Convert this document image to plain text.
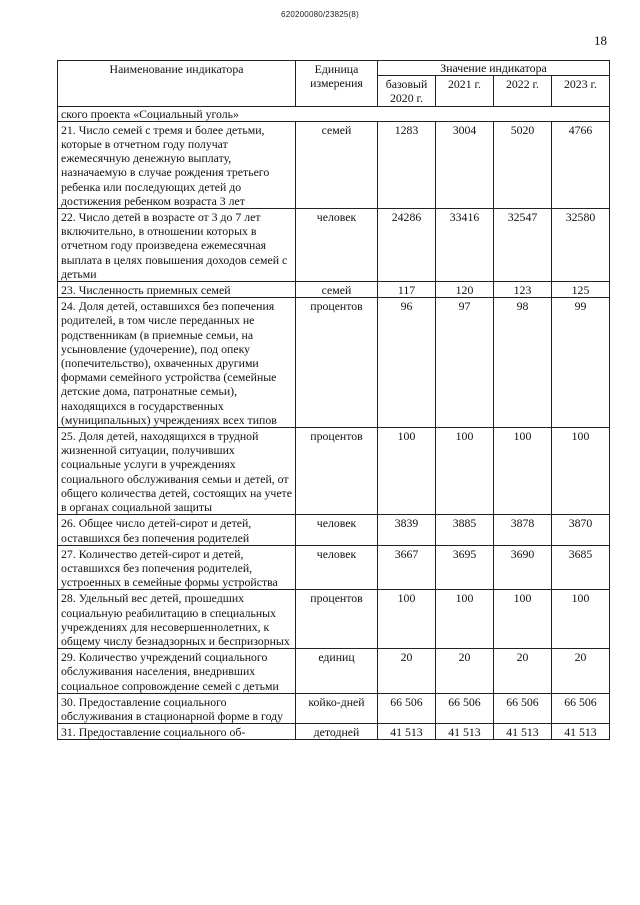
620200080/23825(8)
18
Наименование индикатора	Единица измерения	Значение индикатора			
		базовый 2020 г.	2021 г.	2022 г.	2023 г.
ского проекта «Социальный уголь»					
21. Число семей с тремя и более детьми, которые в отчетном году получат ежемесячную денежную выплату, назначаемую в случае рождения третьего ребенка или последующих детей до достижения ребенком возраста 3 лет	семей	1283	3004	5020	4766
22. Число детей в возрасте от 3 до 7 лет включительно, в отношении которых в отчетном году произведена ежемесячная выплата в целях повышения доходов семей с детьми	человек	24286	33416	32547	32580
23. Численность приемных семей	семей	117	120	123	125
24. Доля детей, оставшихся без попечения родителей, в том числе переданных не родственникам (в приемные семьи, на усыновление (удочерение), под опеку (попечительство), охваченных другими формами семейного устройства (семейные детские дома, патронатные семьи), находящихся в государственных (муниципальных) учреждениях всех типов	процентов	96	97	98	99
25. Доля детей, находящихся в трудной жизненной ситуации, получивших социальные услуги в учреждениях социального обслуживания семьи и детей, от общего количества детей, состоящих на учете в органах социальной защиты	процентов	100	100	100	100
26. Общее число детей-сирот и детей, оставшихся без попечения родителей	человек	3839	3885	3878	3870
27. Количество детей-сирот и детей, оставшихся без попечения родителей, устроенных в семейные формы устройства	человек	3667	3695	3690	3685
28. Удельный вес детей, прошедших социальную реабилитацию в специальных учреждениях для несовершеннолетних, к общему числу безнадзорных и беспризорных	процентов	100	100	100	100
29. Количество учреждений социального обслуживания населения, внедривших социальное сопровождение семей с детьми	единиц	20	20	20	20
30. Предоставление социального обслуживания в стационарной форме в году	койко-дней	66 506	66 506	66 506	66 506
31. Предоставление социального об-	детодней	41 513	41 513	41 513	41 513
